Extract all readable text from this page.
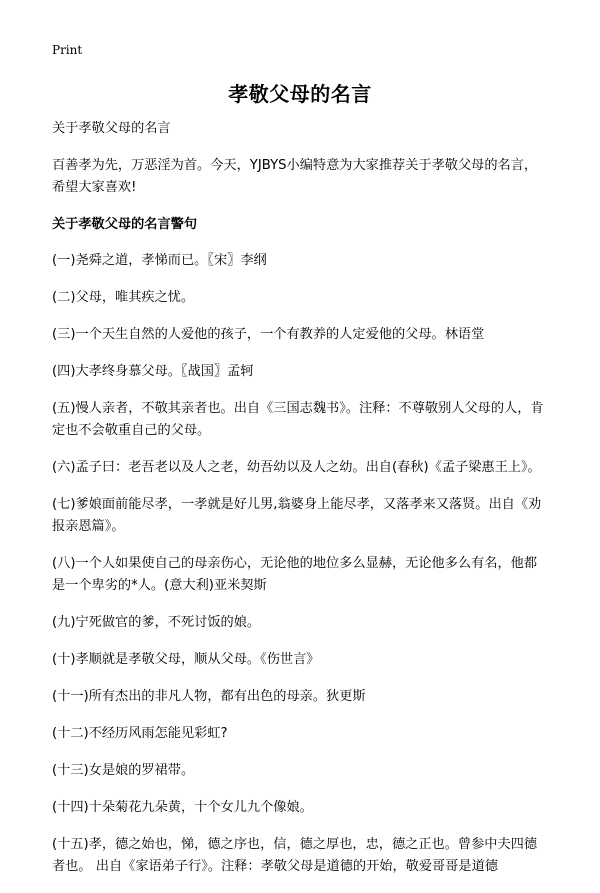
Print
孝敬父母的名言

关于孝敬父母的名言

百善孝为先，万恶淫为首。今天，YJBYS小编特意为大家推荐关于孝敬父母的名言，希望大家喜欢!

关于孝敬父母的名言警句

(一)尧舜之道，孝悌而已。〖宋〗李纲

(二)父母，唯其疾之忧。

(三)一个天生自然的人爱他的孩子，一个有教养的人定爱他的父母。林语堂

(四)大孝终身慕父母。〖战国〗孟轲

(五)慢人亲者，不敬其亲者也。出自《三国志魏书》。注释：不尊敬别人父母的人，肯定也不会敬重自己的父母。

(六)孟子曰：老吾老以及人之老，幼吾幼以及人之幼。出自(春秋)《孟子梁惠王上》。

(七)爹娘面前能尽孝，一孝就是好儿男,翁婆身上能尽孝，又落孝来又落贤。出自《劝报亲恩篇》。

(八)一个人如果使自己的母亲伤心，无论他的地位多么显赫，无论他多么有名，他都是一个卑劣的*人。(意大利)亚米契斯

(九)宁死做官的爹，不死讨饭的娘。

(十)孝顺就是孝敬父母，顺从父母。《伤世言》

(十一)所有杰出的非凡人物，都有出色的母亲。狄更斯

(十二)不经历风雨怎能见彩虹?

(十三)女是娘的罗裙带。

(十四)十朵菊花九朵黄，十个女儿九个像娘。

(十五)孝，德之始也，悌，德之序也，信，德之厚也，忠，德之正也。曾参中夫四德者也。 出自《家语弟子行》。注释：孝敬父母是道德的开始，敬爱哥哥是道德
